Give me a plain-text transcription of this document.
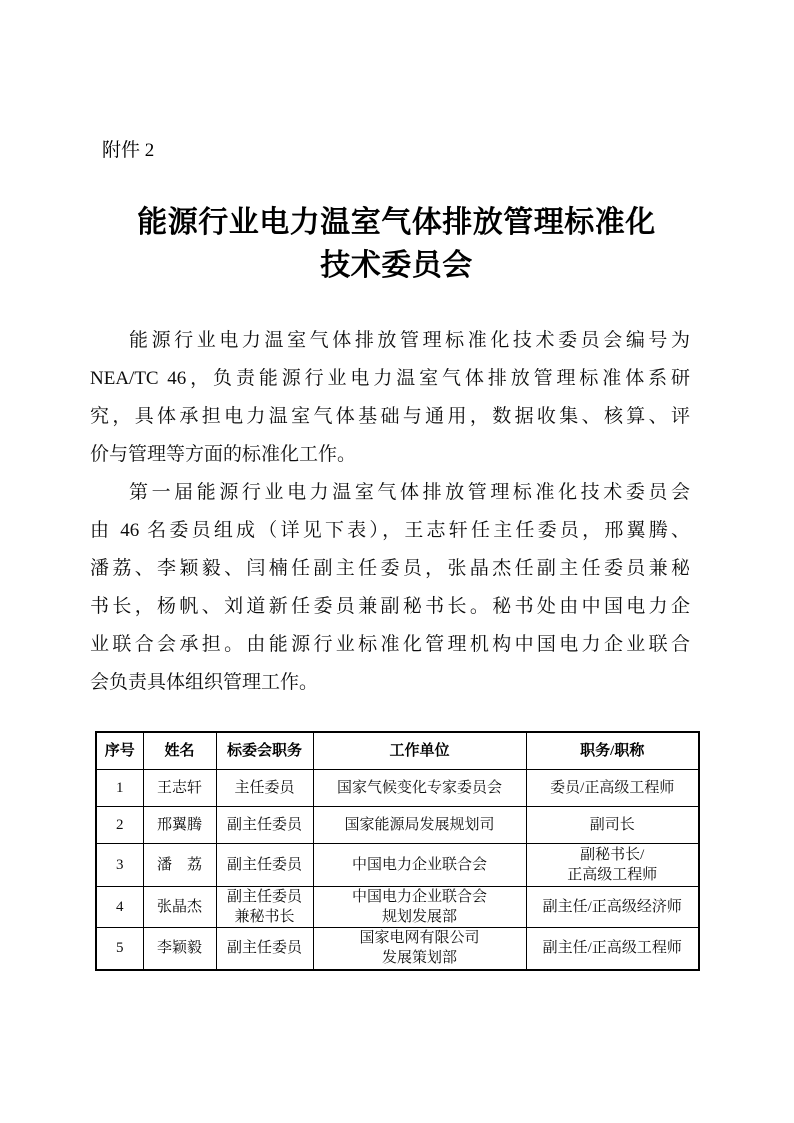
附件 2
能源行业电力温室气体排放管理标准化
技术委员会
能源行业电力温室气体排放管理标准化技术委员会编号为
NEA/TC 46，负责能源行业电力温室气体排放管理标准体系研
究，具体承担电力温室气体基础与通用，数据收集、核算、评
价与管理等方面的标准化工作。
第一届能源行业电力温室气体排放管理标准化技术委员会
由 46 名委员组成（详见下表），王志轩任主任委员，邢翼腾、
潘荔、李颖毅、闫楠任副主任委员，张晶杰任副主任委员兼秘
书长，杨帆、刘道新任委员兼副秘书长。秘书处由中国电力企
业联合会承担。由能源行业标准化管理机构中国电力企业联合
会负责具体组织管理工作。
序号	姓名	标委会职务	工作单位	职务/职称

1	王志轩	主任委员	国家气候变化专家委员会	委员/正高级工程师

2	邢翼腾	副主任委员	国家能源局发展规划司	副司长

3	潘　荔	副主任委员	中国电力企业联合会	副秘书长/
正高级工程师

4	张晶杰	副主任委员
兼秘书长	中国电力企业联合会
规划发展部	副主任/正高级经济师

5	李颖毅	副主任委员	国家电网有限公司
发展策划部	副主任/正高级工程师
